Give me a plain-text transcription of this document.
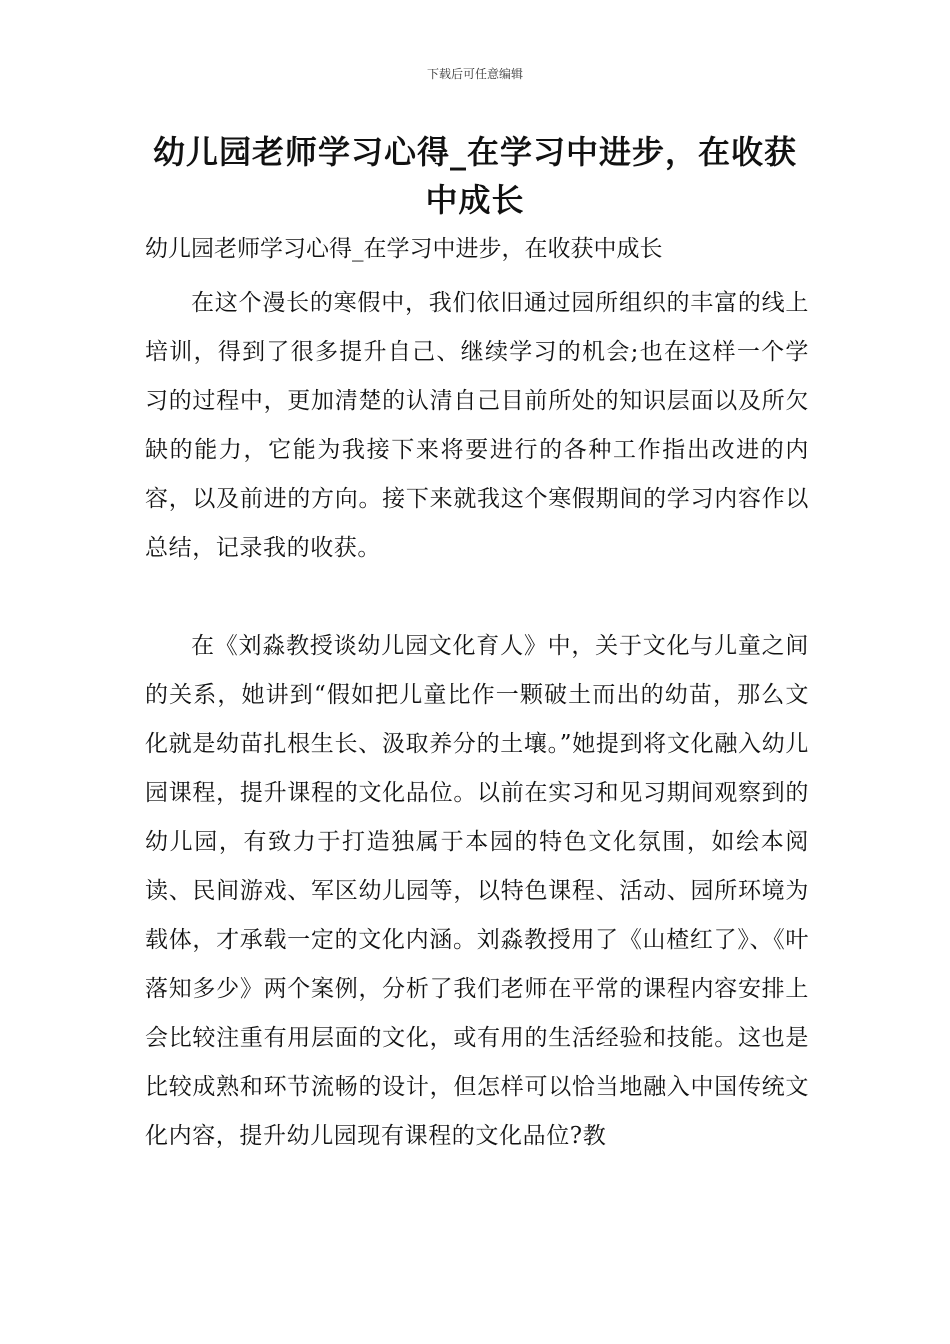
下载后可任意编辑
幼儿园老师学习心得_在学习中进步，在收获中成长

幼儿园老师学习心得_在学习中进步，在收获中成长

在这个漫长的寒假中，我们依旧通过园所组织的丰富的线上培训，得到了很多提升自己、继续学习的机会;也在这样一个学习的过程中，更加清楚的认清自己目前所处的知识层面以及所欠缺的能力，它能为我接下来将要进行的各种工作指出改进的内容，以及前进的方向。接下来就我这个寒假期间的学习内容作以总结，记录我的收获。

在《刘淼教授谈幼儿园文化育人》中，关于文化与儿童之间的关系，她讲到“假如把儿童比作一颗破土而出的幼苗，那么文化就是幼苗扎根生长、汲取养分的土壤。”她提到将文化融入幼儿园课程，提升课程的文化品位。以前在实习和见习期间观察到的幼儿园，有致力于打造独属于本园的特色文化氛围，如绘本阅读、民间游戏、军区幼儿园等，以特色课程、活动、园所环境为载体，才承载一定的文化内涵。刘淼教授用了《山楂红了》、《叶落知多少》两个案例，分析了我们老师在平常的课程内容安排上会比较注重有用层面的文化，或有用的生活经验和技能。这也是比较成熟和环节流畅的设计，但怎样可以恰当地融入中国传统文化内容，提升幼儿园现有课程的文化品位?教
